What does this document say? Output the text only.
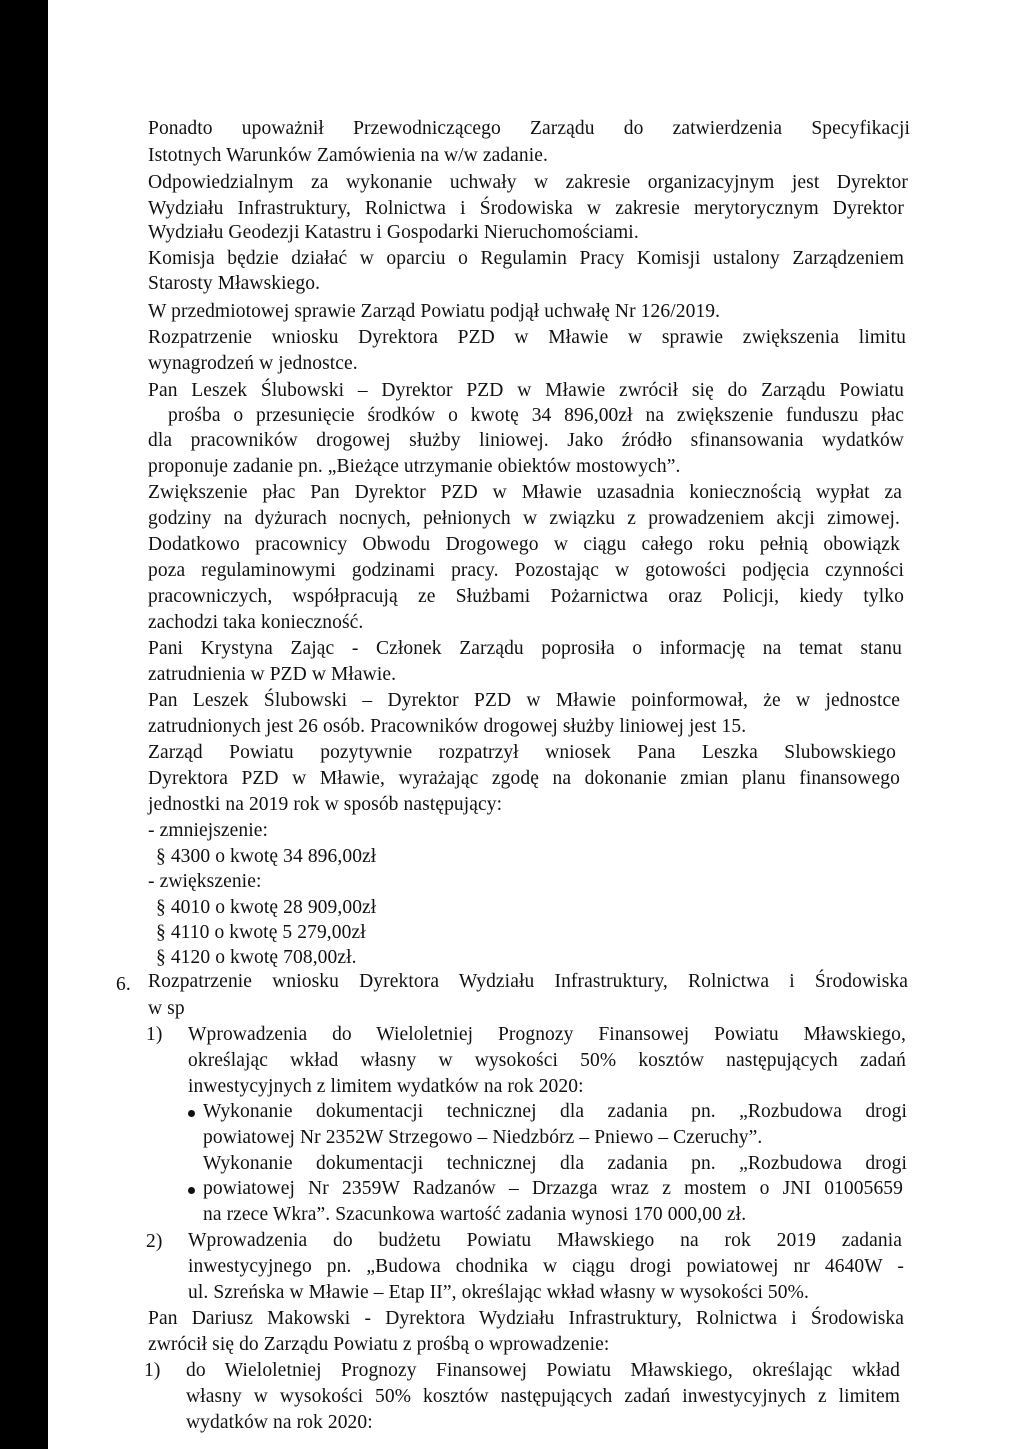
Ponadto upoważnił Przewodniczącego Zarządu do zatwierdzenia Specyfikacji
Istotnych Warunków Zamówienia na w/w zadanie.
Odpowiedzialnym za wykonanie uchwały w zakresie organizacyjnym jest Dyrektor
Wydziału Infrastruktury, Rolnictwa i Środowiska w zakresie merytorycznym Dyrektor
Wydziału Geodezji Katastru i Gospodarki Nieruchomościami.
Komisja będzie działać w oparciu o Regulamin Pracy Komisji ustalony Zarządzeniem
Starosty Mławskiego.
W przedmiotowej sprawie Zarząd Powiatu podjął uchwałę Nr 126/2019.
Rozpatrzenie wniosku Dyrektora PZD w Mławie w sprawie zwiększenia limitu
wynagrodzeń w jednostce.
Pan Leszek Ślubowski – Dyrektor PZD w Mławie zwrócił się do Zarządu Powiatu
prośba o przesunięcie środków o kwotę 34 896,00zł na zwiększenie funduszu płac
dla pracowników drogowej służby liniowej. Jako źródło sfinansowania wydatków
proponuje zadanie pn. „Bieżące utrzymanie obiektów mostowych”.
Zwiększenie płac Pan Dyrektor PZD w Mławie uzasadnia koniecznością wypłat za
godziny na dyżurach nocnych, pełnionych w związku z prowadzeniem akcji zimowej.
Dodatkowo pracownicy Obwodu Drogowego w ciągu całego roku pełnią obowiązk
poza regulaminowymi godzinami pracy. Pozostając w gotowości podjęcia czynności
pracowniczych, współpracują ze Służbami Pożarnictwa oraz Policji, kiedy tylko
zachodzi taka konieczność.
Pani Krystyna Zając - Członek Zarządu poprosiła o informację na temat stanu
zatrudnienia w PZD w Mławie.
Pan Leszek Ślubowski – Dyrektor PZD w Mławie poinformował, że w jednostce
zatrudnionych jest 26 osób. Pracowników drogowej służby liniowej jest 15.
Zarząd Powiatu pozytywnie rozpatrzył wniosek Pana Leszka Slubowskiego
Dyrektora PZD w Mławie, wyrażając zgodę na dokonanie zmian planu finansowego
jednostki na 2019 rok w sposób następujący:
- zmniejszenie:
§ 4300 o kwotę 34 896,00zł
- zwiększenie:
§ 4010 o kwotę 28 909,00zł
§ 4110 o kwotę 5 279,00zł
§ 4120 o kwotę 708,00zł.
6. Rozpatrzenie wniosku Dyrektora Wydziału Infrastruktury, Rolnictwa i Środowiska
w sp
1)	Wprowadzenia do Wieloletniej Prognozy Finansowej Powiatu Mławskiego,
określając wkład własny w wysokości 50% kosztów następujących zadań
inwestycyjnych z limitem wydatków na rok 2020:
Wykonanie dokumentacji technicznej dla zadania pn. „Rozbudowa drogi
powiatowej Nr 2352W Strzegowo – Niedzbórz – Pniewo – Czeruchy”.
Wykonanie dokumentacji technicznej dla zadania pn. „Rozbudowa drogi
powiatowej Nr 2359W Radzanów – Drzazga wraz z mostem o JNI 01005659
na rzece Wkra”. Szacunkowa wartość zadania wynosi 170 000,00 zł.
2)	Wprowadzenia do budżetu Powiatu Mławskiego na rok 2019 zadania
inwestycyjnego pn. „Budowa chodnika w ciągu drogi powiatowej nr 4640W -
ul. Szreńska w Mławie – Etap II”, określając wkład własny w wysokości 50%.
Pan Dariusz Makowski - Dyrektora Wydziału Infrastruktury, Rolnictwa i Środowiska
zwrócił się do Zarządu Powiatu z prośbą o wprowadzenie:
1)	do Wieloletniej Prognozy Finansowej Powiatu Mławskiego, określając wkład
własny w wysokości 50% kosztów następujących zadań inwestycyjnych z limitem
wydatków na rok 2020:
